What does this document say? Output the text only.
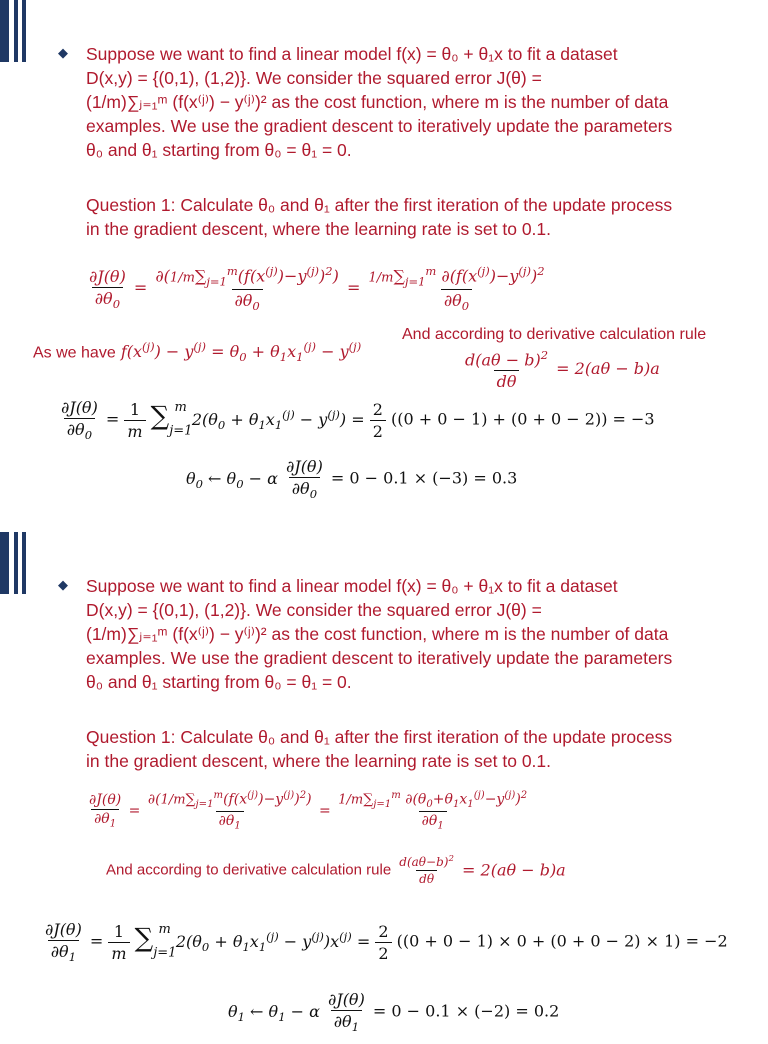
◆ Suppose we want to find a linear model f(x) = θ₀ + θ₁x to fit a dataset
D(x,y) = {(0,1), (1,2)}. We consider the squared error J(θ) =
(1/m)∑ⱼ₌₁ᵐ (f(x⁽ʲ⁾) − y⁽ʲ⁾)² as the cost function, where m is the number of data
examples. We use the gradient descent to iteratively update the parameters
θ₀ and θ₁ starting from θ₀ = θ₁ = 0.
Question 1: Calculate θ₀ and θ₁ after the first iteration of the update process
in the gradient descent, where the learning rate is set to 0.1.
$\frac{\partial J(\theta)}{\partial\theta_0} = \frac{\partial(1/m\sum_{j=1}^m(f(x^{(j)})-y^{(j)})^2)}{\partial\theta_0} = \frac{1/m\sum_{j=1}^m \partial(f(x^{(j)})-y^{(j)})^2}{\partial\theta_0}$
As we have $f(x^{(j)}) - y^{(j)} = \theta_0 + \theta_1x_1^{(j)} - y^{(j)}$
And according to derivative calculation rule
$\frac{d(a\theta - b)^2}{d\theta} = 2(a\theta - b)a$
$\frac{\partial J(\theta)}{\partial\theta_0} = \frac{1}{m} \sum_{j=1}^m$ $2(\theta_0 + \theta_1x_1^{(j)} - y^{(j)}) = \frac{2}{2} ((0 + 0 - 1) + (0 + 0 - 2)) = -3$
$\theta_0$ ← $\theta_0 - \alpha \frac{\partial J(\theta)}{\partial\theta_0} = 0 - 0.1 \times (-3) = 0.3$
◆ Suppose we want to find a linear model f(x) = θ₀ + θ₁x to fit a dataset
D(x,y) = {(0,1), (1,2)}. We consider the squared error J(θ) =
(1/m)∑ⱼ₌₁ᵐ (f(x⁽ʲ⁾) − y⁽ʲ⁾)² as the cost function, where m is the number of data
examples. We use the gradient descent to iteratively update the parameters
θ₀ and θ₁ starting from θ₀ = θ₁ = 0.
Question 1: Calculate θ₀ and θ₁ after the first iteration of the update process
in the gradient descent, where the learning rate is set to 0.1.
$\frac{\partial J(\theta)}{\partial\theta_1} = \frac{\partial(1/m\sum_{j=1}^m(f(x^{(j)})-y^{(j)})^2)}{\partial\theta_1} = \frac{1/m\sum_{j=1}^m \partial(\theta_0+\theta_1x_1^{(j)}-y^{(j)})^2}{\partial\theta_1}$
And according to derivative calculation rule $\frac{d(a\theta-b)^2}{d\theta} = 2(a\theta - b)a$
$\frac{\partial J(\theta)}{\partial\theta_1} = \frac{1}{m} \sum_{j=1}^m$ $2(\theta_0 + \theta_1x_1^{(j)} - y^{(j)})x^{(j)} = \frac{2}{2} ((0 + 0 - 1) \times 0 + (0 + 0 - 2) \times 1) = -2$
$\theta_1$ ← $\theta_1 - \alpha \frac{\partial J(\theta)}{\partial\theta_1} = 0 - 0.1 \times (-2) = 0.2$
